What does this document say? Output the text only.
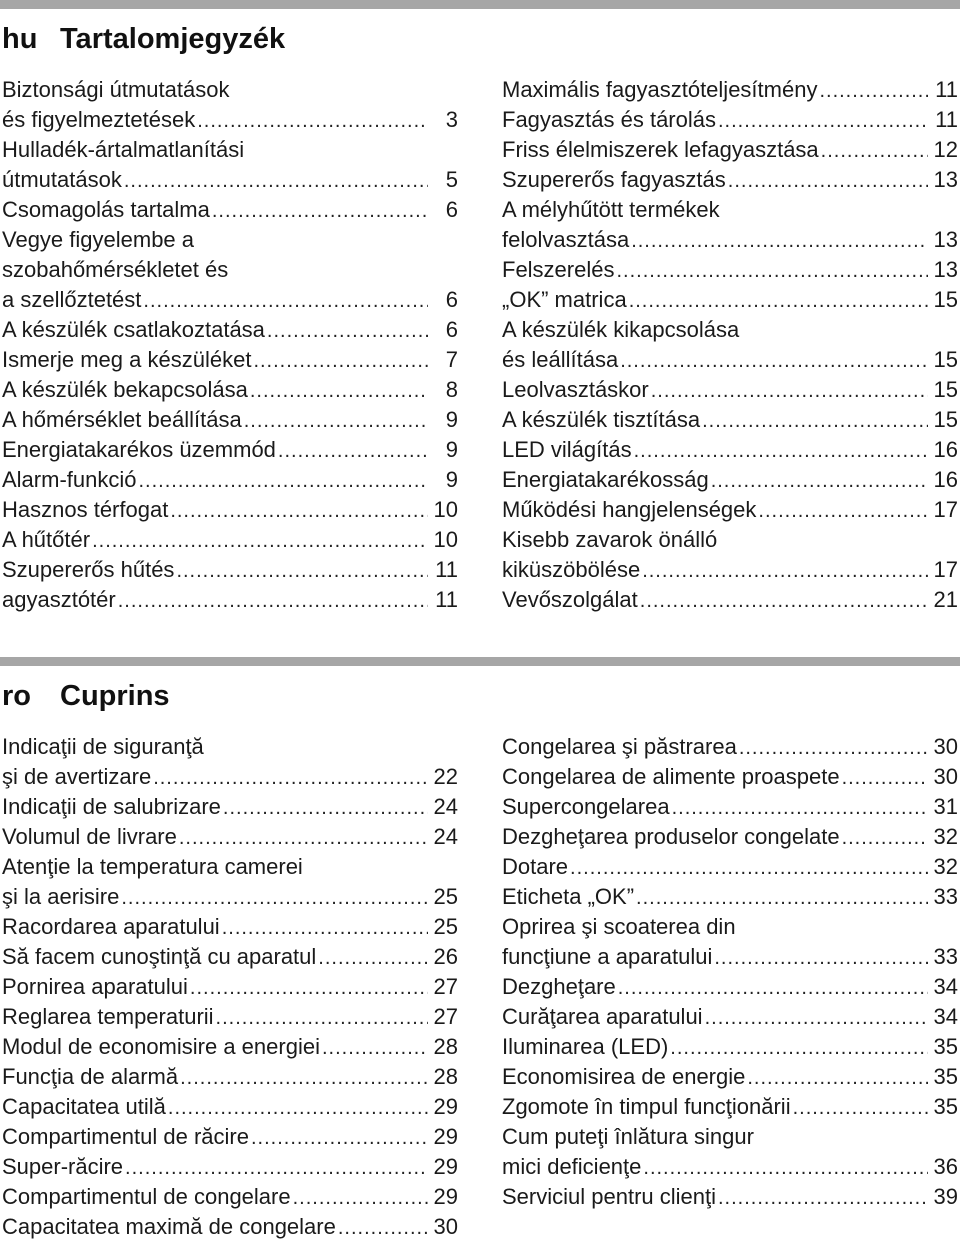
hu Tartalomjegyzék
Biztonsági útmutatások
és figyelmeztetések .....	3
Hulladék-ártalmatlanítási
útmutatások .....	5
Csomagolás tartalma .....	6
Vegye figyelembe a
szobahőmérsékletet és
a szellőztetést .....	6
A készülék csatlakoztatása .....	6
Ismerje meg a készüléket .....	7
A készülék bekapcsolása .....	8
A hőmérséklet beállítása .....	9
Energiatakarékos üzemmód .....	9
Alarm-funkció .....	9
Hasznos térfogat .....	10
A hűtőtér .....	10
Szupererős hűtés .....	11
agyasztótér .....	11
Maximális fagyasztóteljesítmény .....	11
Fagyasztás és tárolás .....	11
Friss élelmiszerek lefagyasztása .....	12
Szupererős fagyasztás .....	13
A mélyhűtött termékek
felolvasztása .....	13
Felszerelés .....	13
„OK” matrica .....	15
A készülék kikapcsolása
és leállítása .....	15
Leolvasztáskor .....	15
A készülék tisztítása .....	15
LED világítás .....	16
Energiatakarékosság .....	16
Működési hangjelenségek .....	17
Kisebb zavarok önálló
kiküszöbölése .....	17
Vevőszolgálat .....	21
ro Cuprins
Indicaţii de siguranţă
şi de avertizare .....	22
Indicaţii de salubrizare .....	24
Volumul de livrare .....	24
Atenţie la temperatura camerei
şi la aerisire .....	25
Racordarea aparatului .....	25
Să facem cunoştinţă cu aparatul .....	26
Pornirea aparatului .....	27
Reglarea temperaturii .....	27
Modul de economisire a energiei .....	28
Funcţia de alarmă .....	28
Capacitatea utilă .....	29
Compartimentul de răcire .....	29
Super-răcire .....	29
Compartimentul de congelare .....	29
Capacitatea maximă de congelare .....	30
Congelarea şi păstrarea .....	30
Congelarea de alimente proaspete .....	30
Supercongelarea .....	31
Dezgheţarea produselor congelate .....	32
Dotare .....	32
Eticheta „OK” .....	33
Oprirea şi scoaterea din
funcţiune a aparatului .....	33
Dezgheţare .....	34
Curăţarea aparatului .....	34
Iluminarea (LED) .....	35
Economisirea de energie .....	35
Zgomote în timpul funcţionării .....	35
Cum puteţi înlătura singur
mici deficienţe .....	36
Serviciul pentru clienţi .....	39
